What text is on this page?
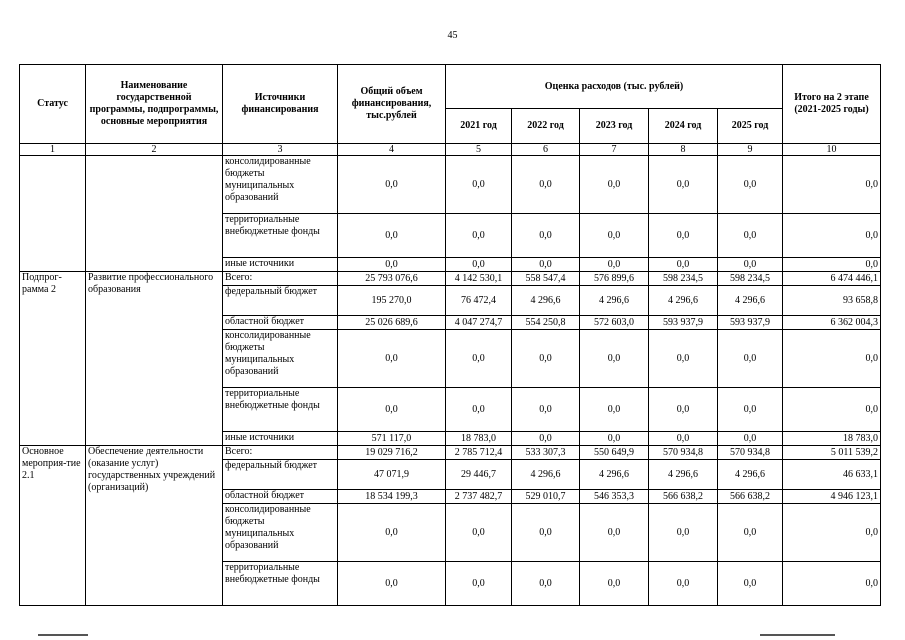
45
Статус	Наименование государственной программы, подпрограммы, основные мероприятия	Источники финансирования	Общий объем финансирования, тыс.рублей	Оценка расходов (тыс. рублей)					Итого на 2 этапе (2021-2025 годы)
				2021 год	2022 год	2023 год	2024 год	2025 год	
1	2	3	4	5	6	7	8	9	10
		консолидированные бюджеты муниципальных образований	0,0	0,0	0,0	0,0	0,0	0,0	0,0
		территориальные внебюджетные фонды	0,0	0,0	0,0	0,0	0,0	0,0	0,0
		иные источники	0,0	0,0	0,0	0,0	0,0	0,0	0,0
Подпрог-рамма 2	Развитие профессионального образования	Всего:	25 793 076,6	4 142 530,1	558 547,4	576 899,6	598 234,5	598 234,5	6 474 446,1
		федеральный бюджет	195 270,0	76 472,4	4 296,6	4 296,6	4 296,6	4 296,6	93 658,8
		областной бюджет	25 026 689,6	4 047 274,7	554 250,8	572 603,0	593 937,9	593 937,9	6 362 004,3
		консолидированные бюджеты муниципальных образований	0,0	0,0	0,0	0,0	0,0	0,0	0,0
		территориальные внебюджетные фонды	0,0	0,0	0,0	0,0	0,0	0,0	0,0
		иные источники	571 117,0	18 783,0	0,0	0,0	0,0	0,0	18 783,0
Основное мероприя-тие 2.1	Обеспечение деятельности (оказание услуг) государственных учреждений (организаций)	Всего:	19 029 716,2	2 785 712,4	533 307,3	550 649,9	570 934,8	570 934,8	5 011 539,2
		федеральный бюджет	47 071,9	29 446,7	4 296,6	4 296,6	4 296,6	4 296,6	46 633,1
		областной бюджет	18 534 199,3	2 737 482,7	529 010,7	546 353,3	566 638,2	566 638,2	4 946 123,1
		консолидированные бюджеты муниципальных образований	0,0	0,0	0,0	0,0	0,0	0,0	0,0
		территориальные внебюджетные фонды	0,0	0,0	0,0	0,0	0,0	0,0	0,0
